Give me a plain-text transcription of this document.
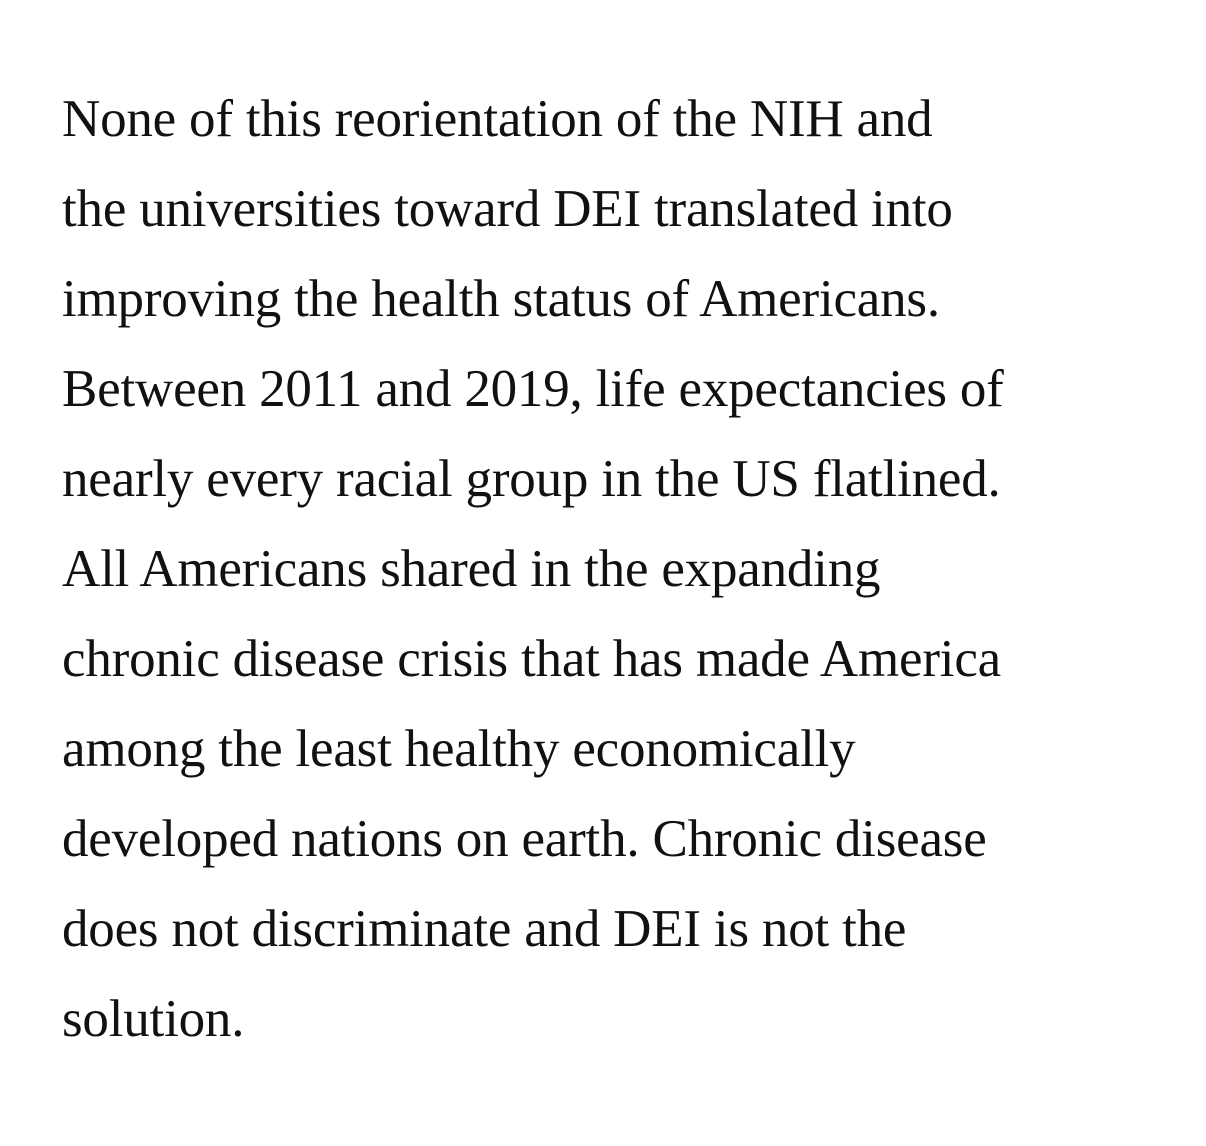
None of this reorientation of the NIH and
the universities toward DEI translated into
improving the health status of Americans.
Between 2011 and 2019, life expectancies of
nearly every racial group in the US flatlined.
All Americans shared in the expanding
chronic disease crisis that has made America
among the least healthy economically
developed nations on earth. Chronic disease
does not discriminate and DEI is not the
solution.
